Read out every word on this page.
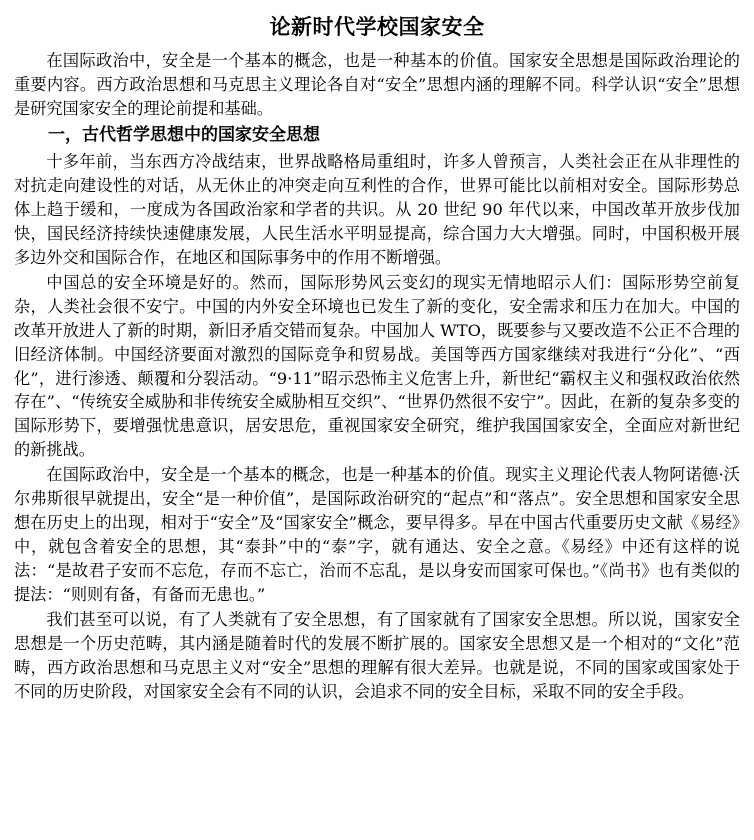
论新时代学校国家安全

在国际政治中，安全是一个基本的概念，也是一种基本的价值。国家安全思想是国际政治理论的重要内容。西方政治思想和马克思主义理论各自对“安全”思想内涵的理解不同。科学认识“安全”思想是研究国家安全的理论前提和基础。

一，古代哲学思想中的国家安全思想

十多年前，当东西方冷战结束，世界战略格局重组时，许多人曾预言，人类社会正在从非理性的对抗走向建设性的对话，从无休止的冲突走向互利性的合作，世界可能比以前相对安全。国际形势总体上趋于缓和，一度成为各国政治家和学者的共识。从 20 世纪 90 年代以来，中国改革开放步伐加快，国民经济持续快速健康发展，人民生活水平明显提高，综合国力大大增强。同时，中国积极开展多边外交和国际合作，在地区和国际事务中的作用不断增强。

中国总的安全环境是好的。然而，国际形势风云变幻的现实无情地昭示人们：国际形势空前复杂，人类社会很不安宁。中国的内外安全环境也已发生了新的变化，安全需求和压力在加大。中国的改革开放进人了新的时期，新旧矛盾交错而复杂。中国加人 WTO，既要参与又要改造不公正不合理的旧经济体制。中国经济要面对激烈的国际竞争和贸易战。美国等西方国家继续对我进行“分化”、“西化”，进行渗透、颠覆和分裂活动。“9·11”昭示恐怖主义危害上升，新世纪“霸权主义和强权政治依然存在”、“传统安全威胁和非传统安全威胁相互交织”、“世界仍然很不安宁”。因此，在新的复杂多变的国际形势下，要增强忧患意识，居安思危，重视国家安全研究，维护我国国家安全，全面应对新世纪的新挑战。

在国际政治中，安全是一个基本的概念，也是一种基本的价值。现实主义理论代表人物阿诺德·沃尔弗斯很早就提出，安全“是一种价值”，是国际政治研究的“起点”和“落点”。安全思想和国家安全思想在历史上的出现，相对于“安全”及“国家安全”概念，要早得多。早在中国古代重要历史文献《易经》中，就包含着安全的思想，其“泰卦”中的“泰”字，就有通达、安全之意。《易经》中还有这样的说法：“是故君子安而不忘危，存而不忘亡，治而不忘乱，是以身安而国家可保也。”《尚书》也有类似的提法：“则则有备，有备而无患也。”

我们甚至可以说，有了人类就有了安全思想，有了国家就有了国家安全思想。所以说，国家安全思想是一个历史范畴，其内涵是随着时代的发展不断扩展的。国家安全思想又是一个相对的“文化”范畴，西方政治思想和马克思主义对“安全”思想的理解有很大差异。也就是说，不同的国家或国家处于不同的历史阶段，对国家安全会有不同的认识，会追求不同的安全目标，采取不同的安全手段。
